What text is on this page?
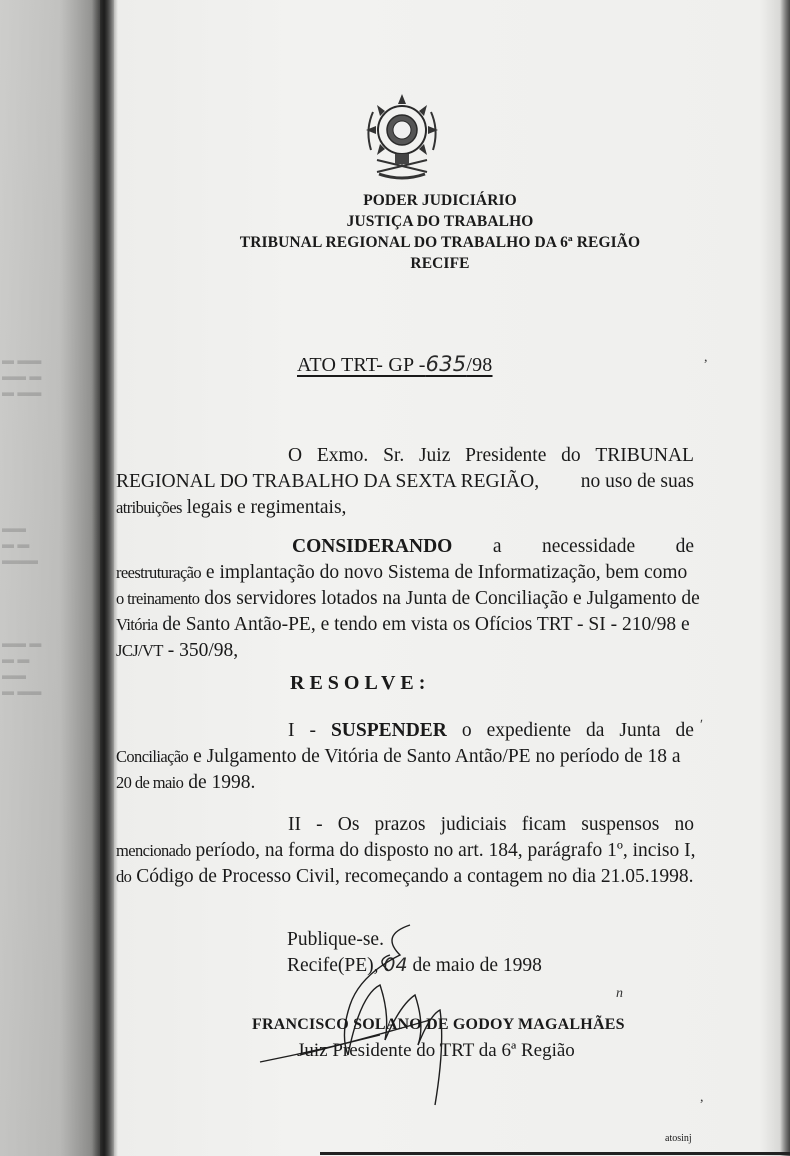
▬ ▬▬
▬▬ ▬
▬ ▬▬
▬▬
▬ ▬
▬▬▬
▬▬ ▬
▬ ▬
▬▬
▬ ▬▬
PODER JUDICIÁRIO
JUSTIÇA DO TRABALHO
TRIBUNAL REGIONAL DO TRABALHO DA 6ª REGIÃO
RECIFE
ATO TRT- GP -635/98
O Exmo. Sr. Juiz Presidente do TRIBUNAL
REGIONAL DO TRABALHO DA SEXTA REGIÃO, no uso de suas
atribuições legais e regimentais,
CONSIDERANDO a necessidade de
reestruturação e implantação do novo Sistema de Informatização, bem como
o treinamento dos servidores lotados na Junta de Conciliação e Julgamento de
Vitória de Santo Antão-PE, e tendo em vista os Ofícios TRT - SI - 210/98 e
JCJ/VT - 350/98,
RESOLVE:
I - SUSPENDER o expediente da Junta de
Conciliação e Julgamento de Vitória de Santo Antão/PE no período de 18 a
20 de maio de 1998.
II - Os prazos judiciais ficam suspensos no
mencionado período, na forma do disposto no art. 184, parágrafo 1º, inciso I,
do Código de Processo Civil, recomeçando a contagem no dia 21.05.1998.
Publique-se.
Recife(PE), 04 de maio de 1998
FRANCISCO SOLANO DE GODOY MAGALHÃES
Juiz Presidente do TRT da 6ª Região
,
ʹ
n
,
atosinj
